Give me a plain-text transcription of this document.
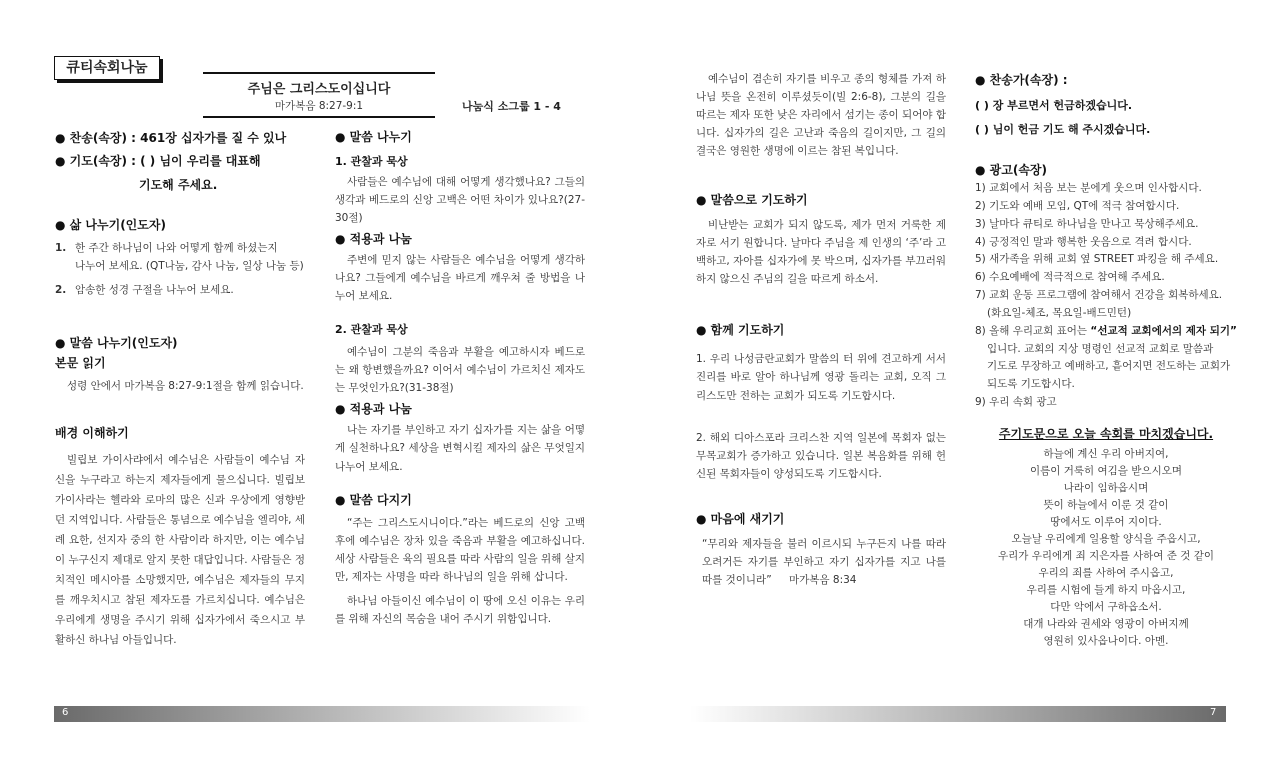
큐티속회나눔
주님은 그리스도이십니다
마가복음 8:27-9:1	나눔식 소그룹 1 - 4
● 찬송(속장) : 461장 십자가를 질 수 있나
● 기도(속장) : ( ) 님이 우리를 대표해
기도해 주세요.
● 삶 나누기(인도자)
1. 한 주간 하나님이 나와 어떻게 함께 하셨는지
나누어 보세요. (QT나눔, 감사 나눔, 일상 나눔 등)
2. 암송한 성경 구절을 나누어 보세요.
● 말씀 나누기(인도자)
본문 읽기
성령 안에서 마가복음 8:27-9:1절을 함께 읽습니다.
배경 이해하기
빌립보 가이사랴에서 예수님은 사람들이 예수님 자신을 누구라고 하는지 제자들에게 물으십니다. 빌립보 가이사라는 헬라와 로마의 많은 신과 우상에게 영향받던 지역입니다. 사람들은 통념으로 예수님을 엘리야, 세례 요한, 선지자 중의 한 사람이라 하지만, 이는 예수님이 누구신지 제대로 알지 못한 대답입니다. 사람들은 정치적인 메시아를 소망했지만, 예수님은 제자들의 무지를 깨우치시고 참된 제자도를 가르치십니다. 예수님은 우리에게 생명을 주시기 위해 십자가에서 죽으시고 부활하신 하나님 아들입니다.
● 말씀 나누기
1. 관찰과 묵상
사람들은 예수님에 대해 어떻게 생각했나요? 그들의 생각과 베드로의 신앙 고백은 어떤 차이가 있나요?(27-30절)
● 적용과 나눔
주변에 믿지 않는 사람들은 예수님을 어떻게 생각하나요? 그들에게 예수님을 바르게 깨우쳐 줄 방법을 나누어 보세요.
2. 관찰과 묵상
예수님이 그분의 죽음과 부활을 예고하시자 베드로는 왜 항변했을까요? 이어서 예수님이 가르치신 제자도는 무엇인가요?(31-38절)
● 적용과 나눔
나는 자기를 부인하고 자기 십자가를 지는 삶을 어떻게 실천하나요? 세상을 변혁시킬 제자의 삶은 무엇일지 나누어 보세요.
● 말씀 다지기
“주는 그리스도시니이다.”라는 베드로의 신앙 고백 후에 예수님은 장차 있을 죽음과 부활을 예고하십니다. 세상 사람들은 육의 필요를 따라 사람의 일을 위해 살지만, 제자는 사명을 따라 하나님의 일을 위해 삽니다.
하나님 아들이신 예수님이 이 땅에 오신 이유는 우리를 위해 자신의 목숨을 내어 주시기 위함입니다.
6
예수님이 겸손히 자기를 비우고 종의 형체를 가져 하나님 뜻을 온전히 이루셨듯이(빌 2:6-8), 그분의 길을 따르는 제자 또한 낮은 자리에서 섬기는 종이 되어야 합니다. 십자가의 길은 고난과 죽음의 길이지만, 그 길의 결국은 영원한 생명에 이르는 참된 복입니다.
● 말씀으로 기도하기
비난받는 교회가 되지 않도록, 제가 먼저 거룩한 제자로 서기 원합니다. 날마다 주님을 제 인생의 ‘주’라 고백하고, 자아를 십자가에 못 박으며, 십자가를 부끄러워하지 않으신 주님의 길을 따르게 하소서.
● 함께 기도하기
1. 우리 나성금란교회가 말씀의 터 위에 견고하게 서서 진리를 바로 알아 하나님께 영광 돌리는 교회, 오직 그리스도만 전하는 교회가 되도록 기도합시다.
2. 해외 디아스포라 크리스찬 지역 일본에 목회자 없는 무목교회가 증가하고 있습니다. 일본 복음화를 위해 헌신된 목회자들이 양성되도록 기도합시다.
● 마음에 새기기
“무리와 제자들을 불러 이르시되 누구든지 나를 따라오려거든 자기를 부인하고 자기 십자가를 지고 나를 따를 것이니라” 마가복음 8:34
● 찬송가(속장) :
( ) 장 부르면서 헌금하겠습니다.
( ) 님이 헌금 기도 해 주시겠습니다.
● 광고(속장)
1) 교회에서 처음 보는 분에게 웃으며 인사합시다.
2) 기도와 예배 모임, QT에 적극 참여합시다.
3) 날마다 큐티로 하나님을 만나고 묵상해주세요.
4) 긍정적인 말과 행복한 웃음으로 격려 합시다.
5) 새가족을 위해 교회 옆 STREET 파킹을 해 주세요.
6) 수요예배에 적극적으로 참여해 주세요.
7) 교회 운동 프로그램에 참여해서 건강을 회복하세요.
(화요일-체조, 목요일-배드민턴)
8) 올해 우리교회 표어는 “선교적 교회에서의 제자 되기”
입니다. 교회의 지상 명령인 선교적 교회로 말씀과
기도로 무장하고 예배하고, 흩어지면 전도하는 교회가
되도록 기도합시다.
9) 우리 속회 광고
주기도문으로 오늘 속회를 마치겠습니다.
하늘에 계신 우리 아버지여,
이름이 거룩히 여김을 받으시오며
나라이 임하옵시며
뜻이 하늘에서 이룬 것 같이
땅에서도 이루어 지이다.
오늘날 우리에게 일용할 양식을 주옵시고,
우리가 우리에게 죄 지은자를 사하여 준 것 같이
우리의 죄를 사하여 주시옵고,
우리를 시험에 들게 하지 마옵시고,
다만 악에서 구하옵소서.
대개 나라와 권세와 영광이 아버지께
영원히 있사옵나이다. 아멘.
7
